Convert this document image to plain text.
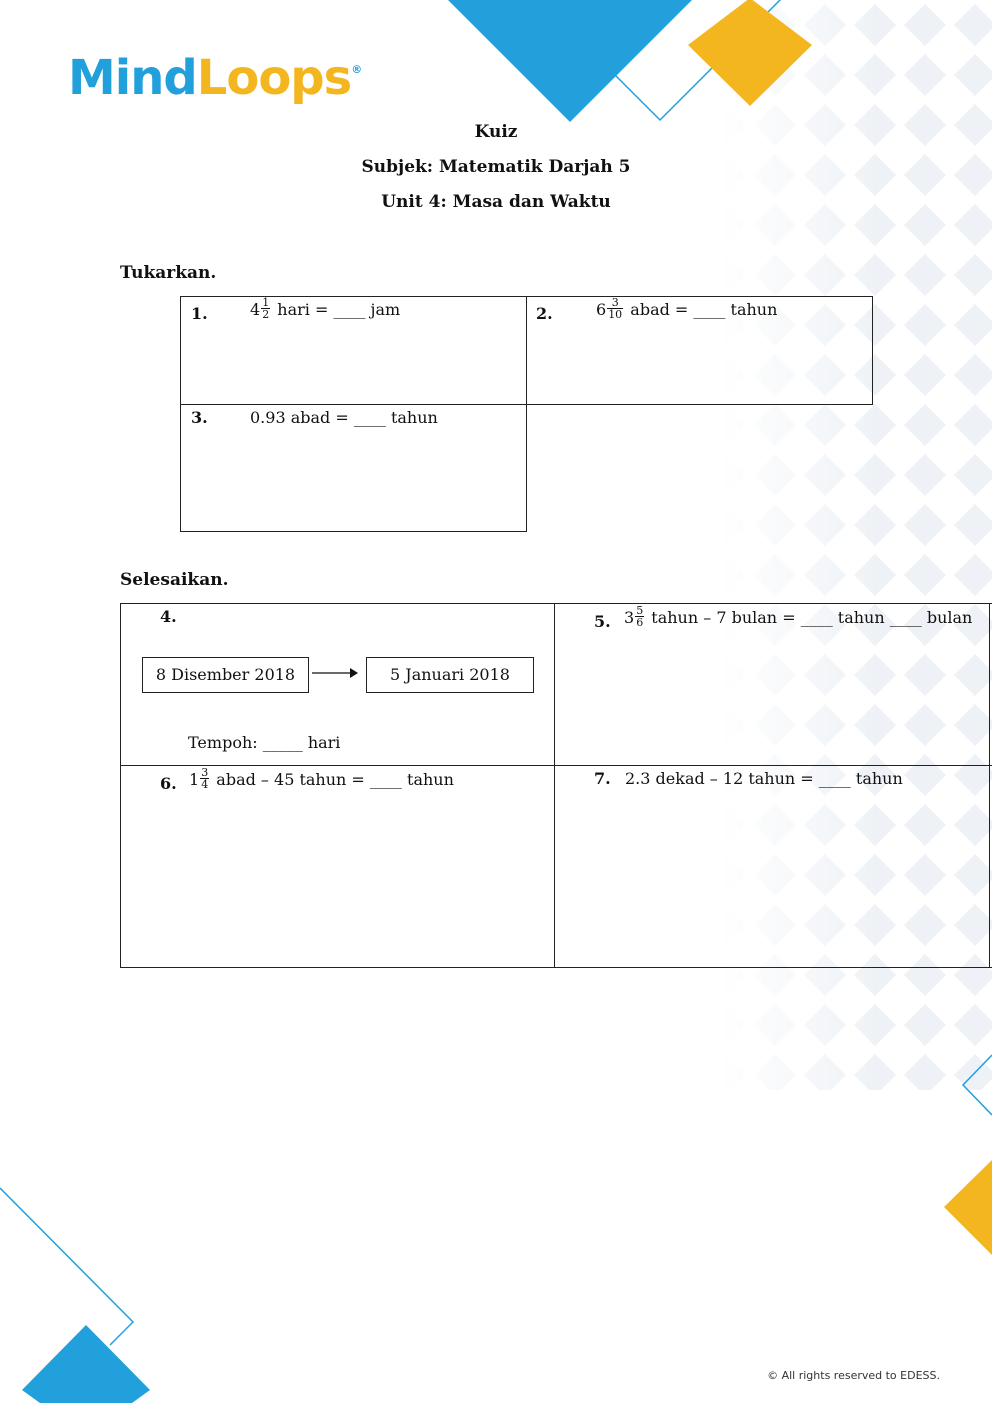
MindLoops®
Kuiz
Subjek: Matematik Darjah 5
Unit 4: Masa dan Waktu
Tukarkan.
1.	$4 \frac{1}{2}$ hari = ____ jam	2.	$6 \frac{3}{10}$ abad = ____ tahun
3.	0.93 abad = ____ tahun
Selesaikan.
4.
8 Disember 2018	5 Januari 2018
Tempoh: _____ hari
5. $3 \frac{5}{6}$ tahun – 7 bulan = ____ tahun ____ bulan
6. $1 \frac{3}{4}$ abad – 45 tahun = ____ tahun	7. 2.3 dekad – 12 tahun = ____ tahun
© All rights reserved to EDESS.
